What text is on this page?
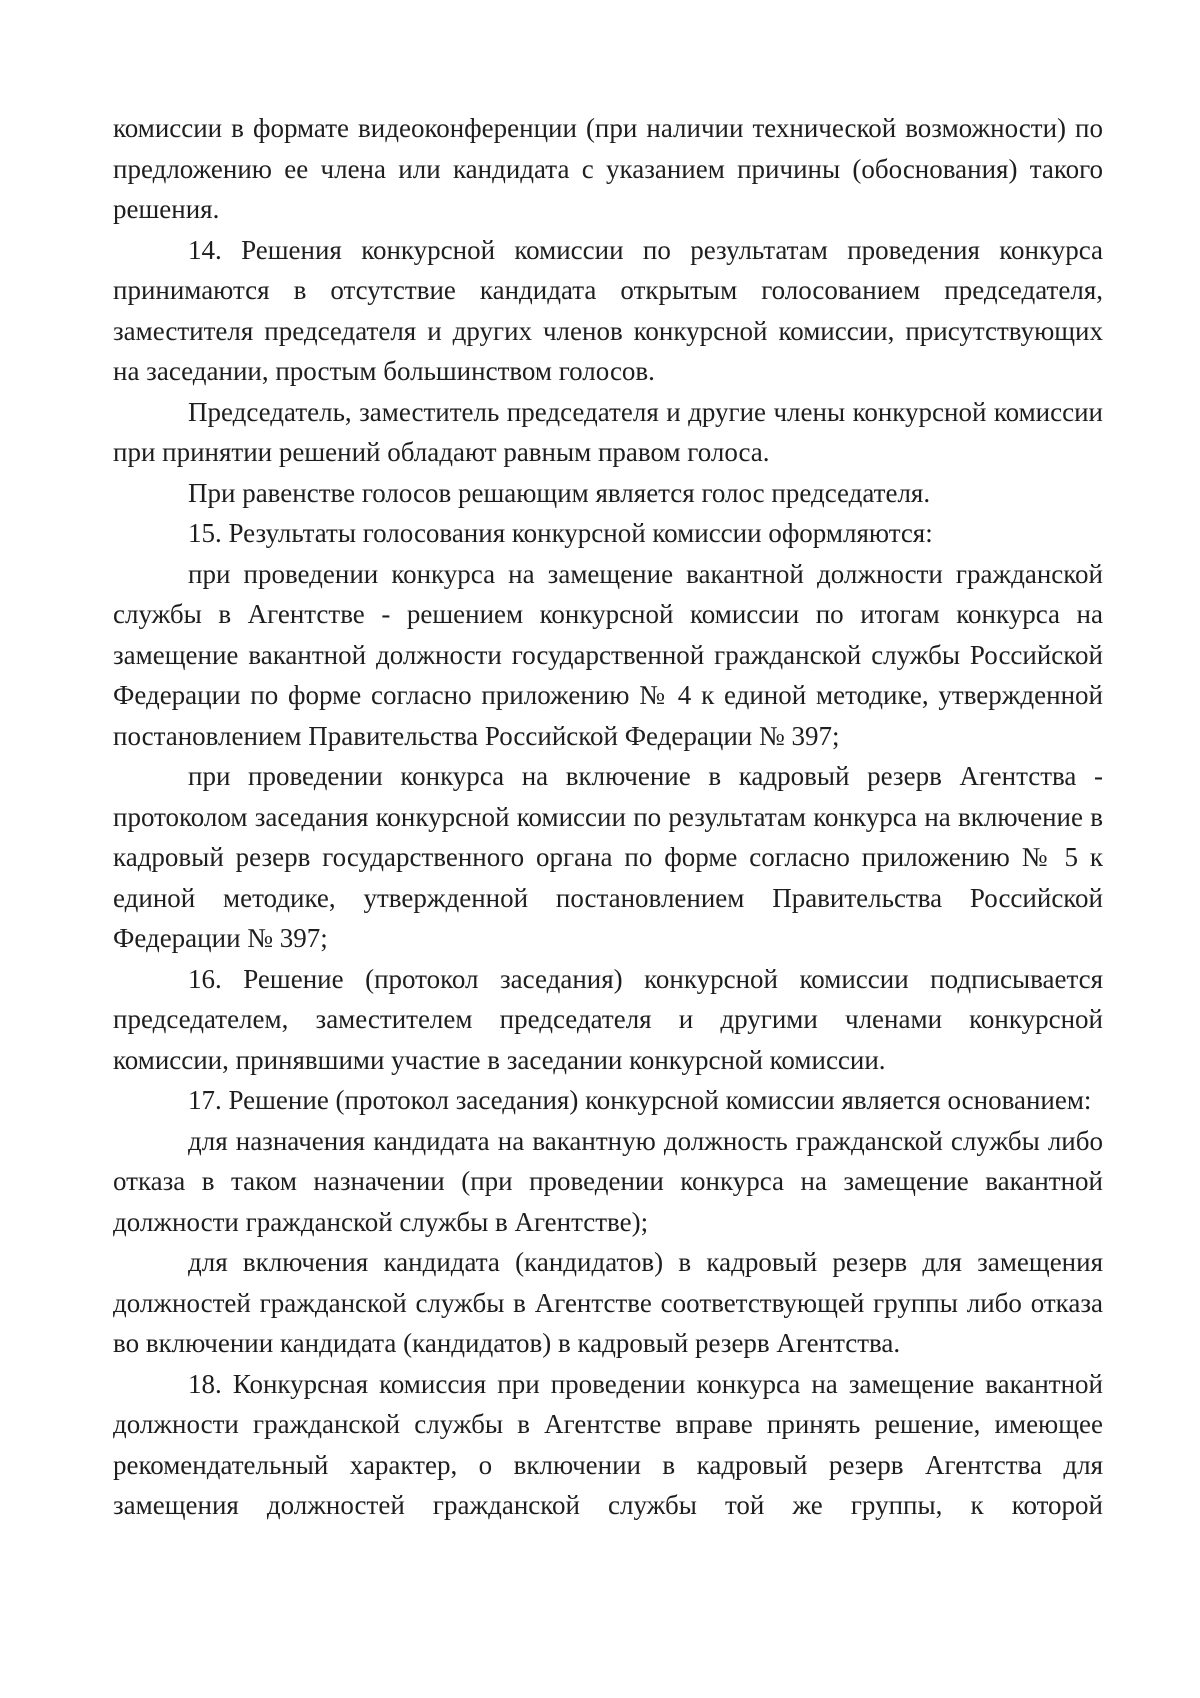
комиссии в формате видеоконференции (при наличии технической возможности) по предложению ее члена или кандидата с указанием причины (обоснования) такого решения.

14. Решения конкурсной комиссии по результатам проведения конкурса принимаются в отсутствие кандидата открытым голосованием председателя, заместителя председателя и других членов конкурсной комиссии, присутствующих на заседании, простым большинством голосов.

Председатель, заместитель председателя и другие члены конкурсной комиссии при принятии решений обладают равным правом голоса.

При равенстве голосов решающим является голос председателя.

15. Результаты голосования конкурсной комиссии оформляются:

при проведении конкурса на замещение вакантной должности гражданской службы в Агентстве - решением конкурсной комиссии по итогам конкурса на замещение вакантной должности государственной гражданской службы Российской Федерации по форме согласно приложению № 4 к единой методике, утвержденной постановлением Правительства Российской Федерации № 397;

при проведении конкурса на включение в кадровый резерв Агентства - протоколом заседания конкурсной комиссии по результатам конкурса на включение в кадровый резерв государственного органа по форме согласно приложению № 5 к единой методике, утвержденной постановлением Правительства Российской Федерации № 397;

16. Решение (протокол заседания) конкурсной комиссии подписывается председателем, заместителем председателя и другими членами конкурсной комиссии, принявшими участие в заседании конкурсной комиссии.

17. Решение (протокол заседания) конкурсной комиссии является основанием:

для назначения кандидата на вакантную должность гражданской службы либо отказа в таком назначении (при проведении конкурса на замещение вакантной должности гражданской службы в Агентстве);

для включения кандидата (кандидатов) в кадровый резерв для замещения должностей гражданской службы в Агентстве соответствующей группы либо отказа во включении кандидата (кандидатов) в кадровый резерв Агентства.

18. Конкурсная комиссия при проведении конкурса на замещение вакантной должности гражданской службы в Агентстве вправе принять решение, имеющее рекомендательный характер, о включении в кадровый резерв Агентства для замещения должностей гражданской службы той же группы, к которой
